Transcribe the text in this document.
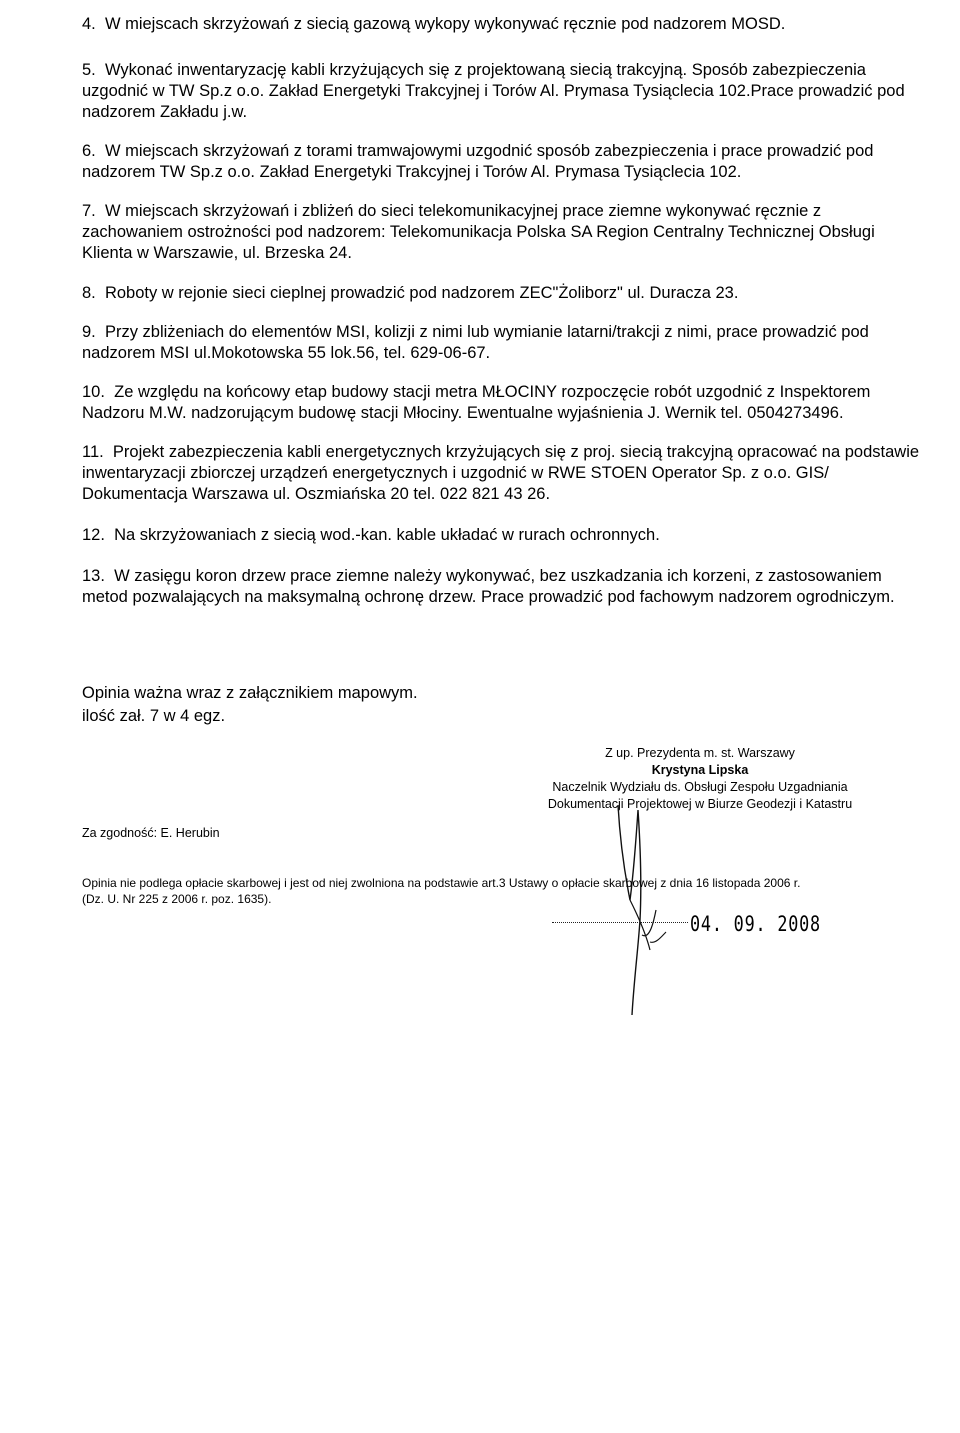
4. W miejscach skrzyżowań z siecią gazową wykopy wykonywać ręcznie pod nadzorem MOSD.
5. Wykonać inwentaryzację kabli krzyżujących się z projektowaną siecią trakcyjną. Sposób zabezpieczenia uzgodnić w TW Sp.z o.o. Zakład Energetyki Trakcyjnej i Torów Al. Prymasa Tysiąclecia 102.Prace prowadzić pod nadzorem Zakładu j.w.
6. W miejscach skrzyżowań z torami tramwajowymi uzgodnić sposób zabezpieczenia i prace prowadzić pod nadzorem TW Sp.z o.o. Zakład Energetyki Trakcyjnej i Torów Al. Prymasa Tysiąclecia 102.
7. W miejscach skrzyżowań i zbliżeń do sieci telekomunikacyjnej prace ziemne wykonywać ręcznie z zachowaniem ostrożności pod nadzorem: Telekomunikacja Polska SA Region Centralny Technicznej Obsługi Klienta w Warszawie, ul. Brzeska 24.
8. Roboty w rejonie sieci cieplnej prowadzić pod nadzorem ZEC"Żoliborz" ul. Duracza 23.
9. Przy zbliżeniach do elementów MSI, kolizji z nimi lub wymianie latarni/trakcji z nimi, prace prowadzić pod nadzorem MSI ul.Mokotowska 55 lok.56, tel. 629-06-67.
10. Ze względu na końcowy etap budowy stacji metra MŁOCINY rozpoczęcie robót uzgodnić z Inspektorem Nadzoru M.W. nadzorującym budowę stacji Młociny. Ewentualne wyjaśnienia J. Wernik tel. 0504273496.
11. Projekt zabezpieczenia kabli energetycznych krzyżujących się z proj. siecią trakcyjną opracować na podstawie inwentaryzacji zbiorczej urządzeń energetycznych i uzgodnić w RWE STOEN Operator Sp. z o.o. GIS/ Dokumentacja Warszawa ul. Oszmiańska 20 tel. 022 821 43 26.
12. Na skrzyżowaniach z siecią wod.-kan. kable układać w rurach ochronnych.
13. W zasięgu koron drzew prace ziemne należy wykonywać, bez uszkadzania ich korzeni, z zastosowaniem metod pozwalających na maksymalną ochronę drzew. Prace prowadzić pod fachowym nadzorem ogrodniczym.
Opinia ważna wraz z załącznikiem mapowym.
ilość zał. 7 w 4 egz.
Z up. Prezydenta m. st. Warszawy
Krystyna Lipska
Naczelnik Wydziału ds. Obsługi Zespołu Uzgadniania
Dokumentacji Projektowej w Biurze Geodezji i Katastru
Za zgodność: E. Herubin
Opinia nie podlega opłacie skarbowej i jest od niej zwolniona na podstawie art.3 Ustawy o opłacie skarbowej z dnia 16 listopada 2006 r.
(Dz. U. Nr 225 z 2006 r. poz. 1635).
04. 09. 2008
